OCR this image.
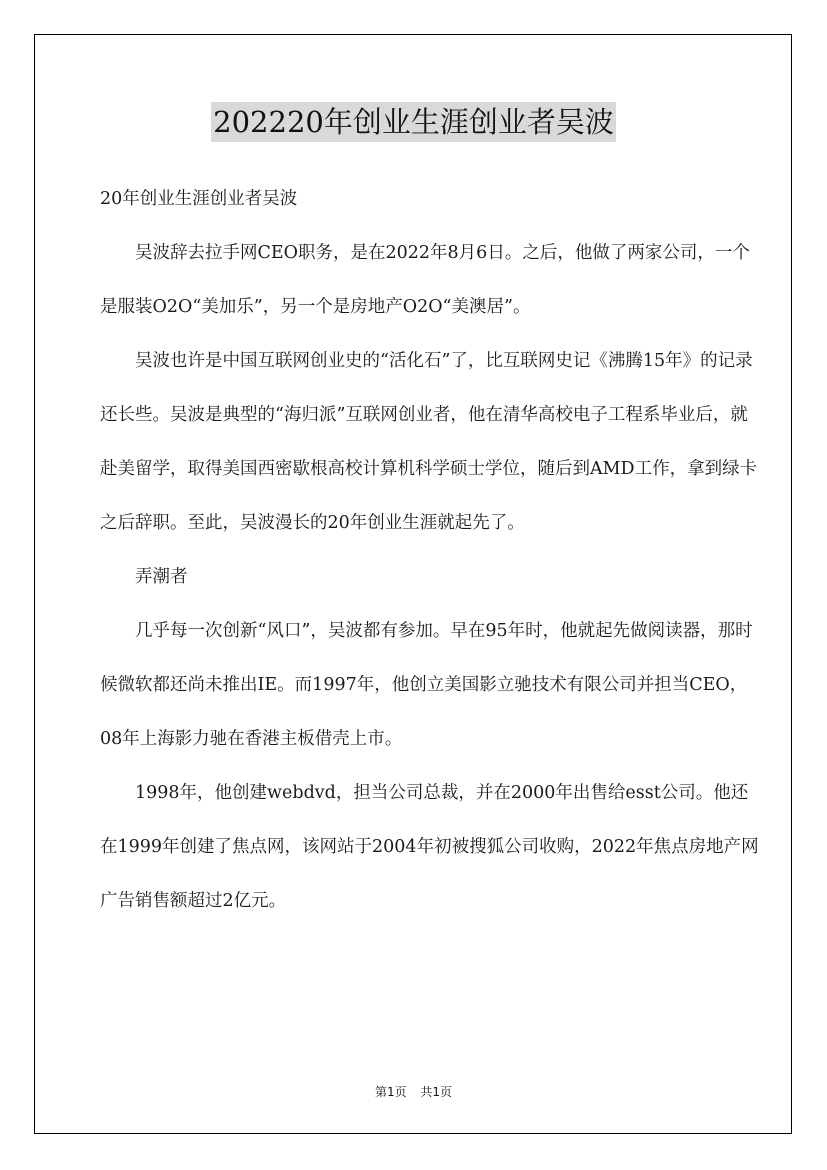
202220年创业生涯创业者吴波

20年创业生涯创业者吴波

吴波辞去拉手网CEO职务，是在2022年8月6日。之后，他做了两家公司，一个是服装O2O“美加乐”，另一个是房地产O2O“美澳居”。

吴波也许是中国互联网创业史的“活化石”了，比互联网史记《沸腾15年》的记录还长些。吴波是典型的“海归派”互联网创业者，他在清华高校电子工程系毕业后，就赴美留学，取得美国西密歇根高校计算机科学硕士学位，随后到AMD工作，拿到绿卡之后辞职。至此，吴波漫长的20年创业生涯就起先了。

弄潮者

几乎每一次创新“风口”，吴波都有参加。早在95年时，他就起先做阅读器，那时候微软都还尚未推出IE。而1997年，他创立美国影立驰技术有限公司并担当CEO，08年上海影力驰在香港主板借壳上市。

1998年，他创建webdvd，担当公司总裁，并在2000年出售给esst公司。他还在1999年创建了焦点网，该网站于2004年初被搜狐公司收购，2022年焦点房地产网广告销售额超过2亿元。

第1页 共1页
